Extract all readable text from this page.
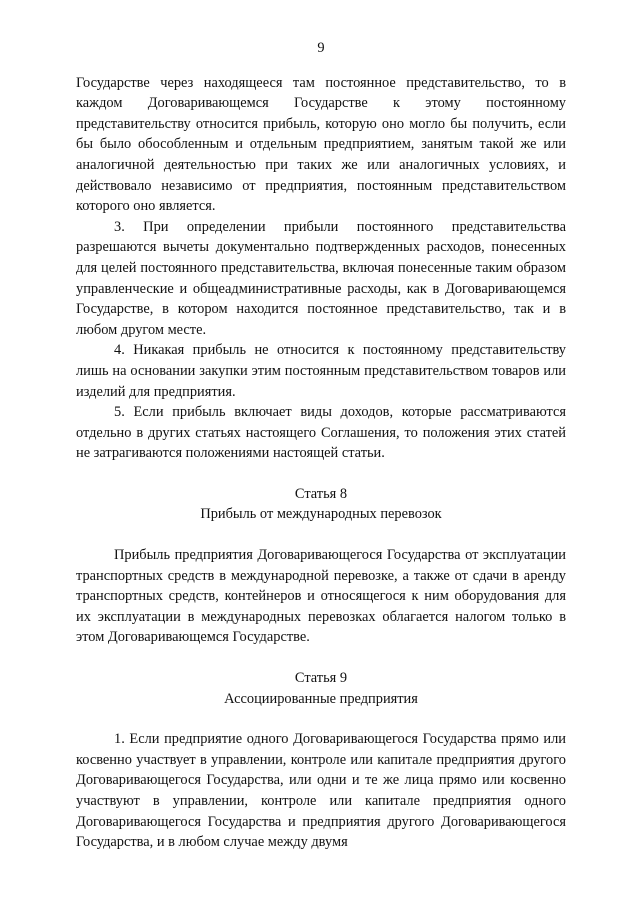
9

Государстве через находящееся там постоянное представительство, то в каждом Договаривающемся Государстве к этому постоянному представительству относится прибыль, которую оно могло бы получить, если бы было обособленным и отдельным предприятием, занятым такой же или аналогичной деятельностью при таких же или аналогичных условиях, и действовало независимо от предприятия, постоянным представительством которого оно является.

3. При определении прибыли постоянного представительства разрешаются вычеты документально подтвержденных расходов, понесенных для целей постоянного представительства, включая понесенные таким образом управленческие и общеадминистративные расходы, как в Договаривающемся Государстве, в котором находится постоянное представительство, так и в любом другом месте.

4. Никакая прибыль не относится к постоянному представительству лишь на основании закупки этим постоянным представительством товаров или изделий для предприятия.

5. Если прибыль включает виды доходов, которые рассматриваются отдельно в других статьях настоящего Соглашения, то положения этих статей не затрагиваются положениями настоящей статьи.

Статья 8

Прибыль от международных перевозок

Прибыль предприятия Договаривающегося Государства от эксплуатации транспортных средств в международной перевозке, а также от сдачи в аренду транспортных средств, контейнеров и относящегося к ним оборудования для их эксплуатации в международных перевозках облагается налогом только в этом Договаривающемся Государстве.

Статья 9

Ассоциированные предприятия

1. Если предприятие одного Договаривающегося Государства прямо или косвенно участвует в управлении, контроле или капитале предприятия другого Договаривающегося Государства, или одни и те же лица прямо или косвенно участвуют в управлении, контроле или капитале предприятия одного Договаривающегося Государства и предприятия другого Договаривающегося Государства, и в любом случае между двумя
